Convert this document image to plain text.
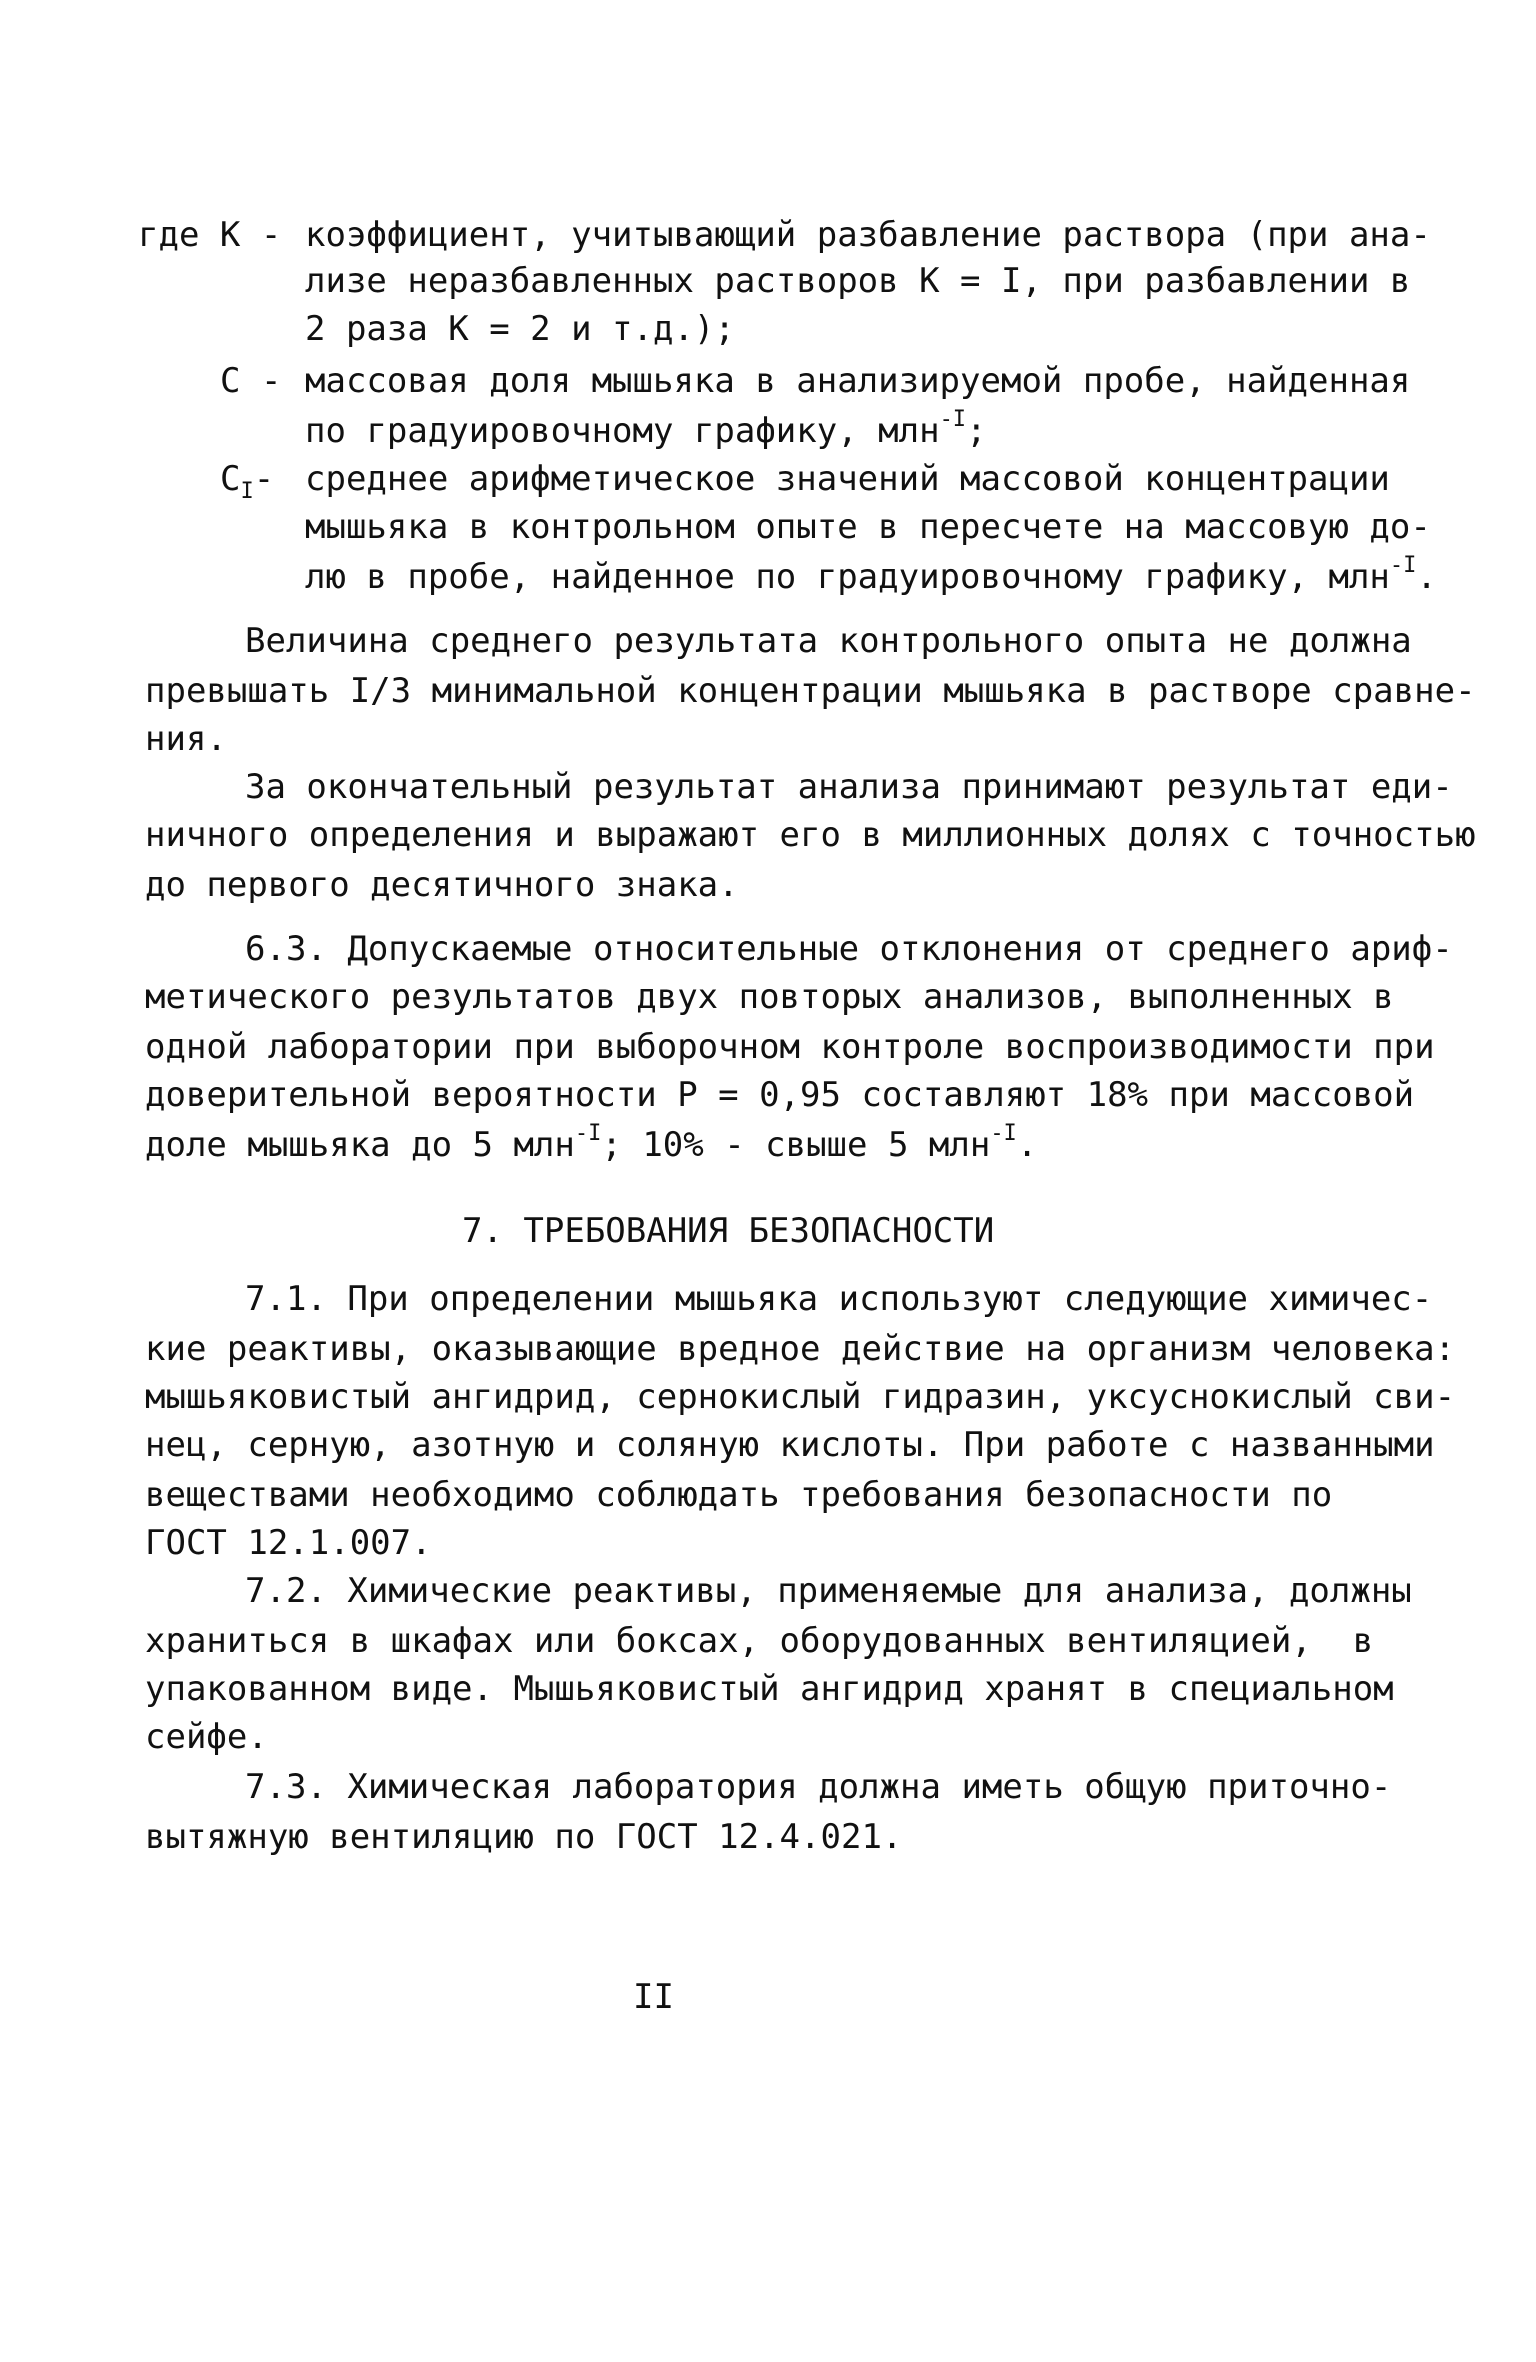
где К - коэффициент, учитывающий разбавление раствора (при ана-
лизе неразбавленных растворов К = I, при разбавлении в
2 раза К = 2 и т.д.);
С - массовая доля мышьяка в анализируемой пробе, найденная
по градуировочному графику, млн$^{-I}$;
$С_I-$ среднее арифметическое значений массовой концентрации
мышьяка в контрольном опыте в пересчете на массовую до-
лю в пробе, найденное по градуировочному графику, млн$^{-I}$.
Величина среднего результата контрольного опыта не должна
превышать I/3 минимальной концентрации мышьяка в растворе сравне-
ния.
За окончательный результат анализа принимают результат еди-
ничного определения и выражают его в миллионных долях с точностью
до первого десятичного знака.
6.3. Допускаемые относительные отклонения от среднего ариф-
метического результатов двух повторых анализов, выполненных в
одной лаборатории при выборочном контроле воспроизводимости при
доверительной вероятности Р = 0,95 составляют 18% при массовой
доле мышьяка до 5 млн$^{-I}$; 10% - свыше 5 млн$^{-I}$.
7. ТРЕБОВАНИЯ БЕЗОПАСНОСТИ
7.1. При определении мышьяка используют следующие химичес-
кие реактивы, оказывающие вредное действие на организм человека:
мышьяковистый ангидрид, сернокислый гидразин, уксуснокислый сви-
нец, серную, азотную и соляную кислоты. При работе с названными
веществами необходимо соблюдать требования безопасности по
ГОСТ 12.1.007.
7.2. Химические реактивы, применяемые для анализа, должны
храниться в шкафах или боксах, оборудованных вентиляцией,  в
упакованном виде. Мышьяковистый ангидрид хранят в специальном
сейфе.
7.3. Химическая лаборатория должна иметь общую приточно-
вытяжную вентиляцию по ГОСТ 12.4.021.
II
